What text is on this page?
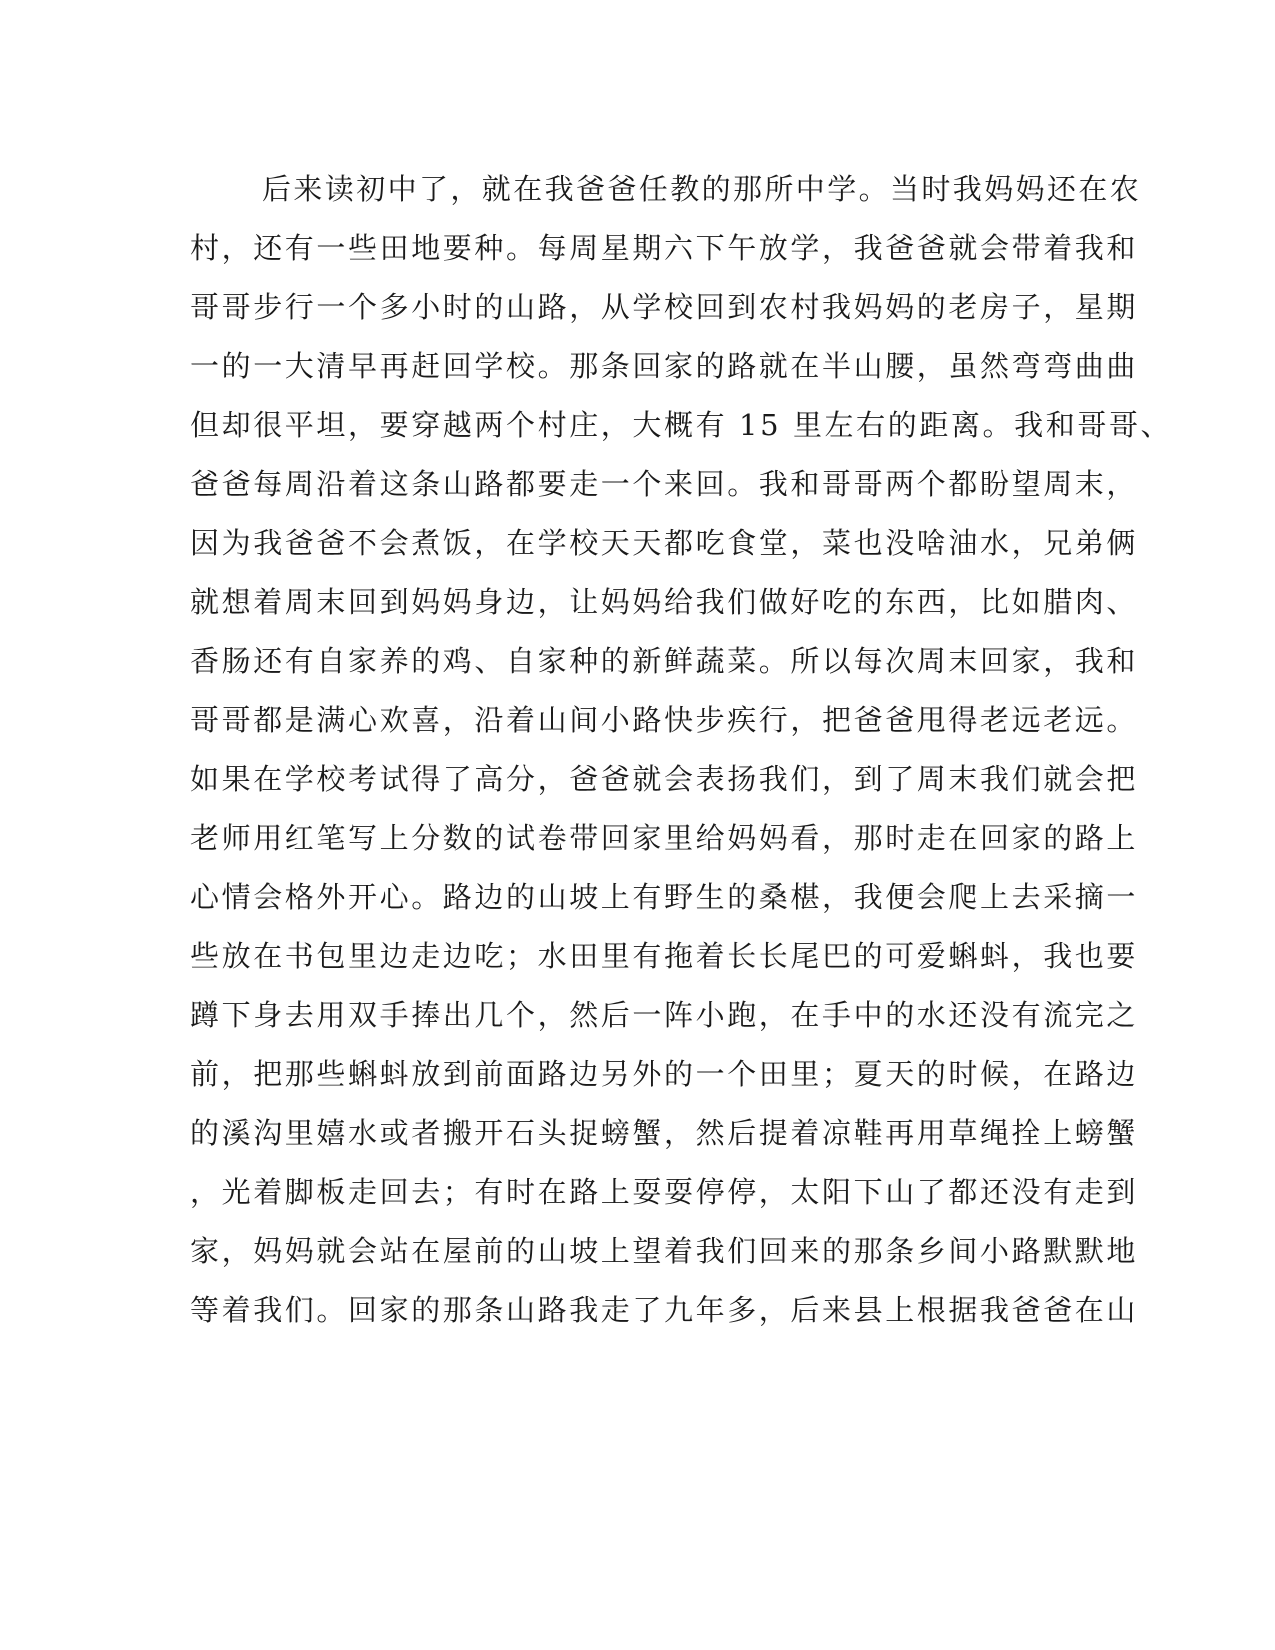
后来读初中了，就在我爸爸任教的那所中学。当时我妈妈还在农
村，还有一些田地要种。每周星期六下午放学，我爸爸就会带着我和
哥哥步行一个多小时的山路，从学校回到农村我妈妈的老房子，星期
一的一大清早再赶回学校。那条回家的路就在半山腰，虽然弯弯曲曲
但却很平坦，要穿越两个村庄，大概有 15 里左右的距离。我和哥哥、
爸爸每周沿着这条山路都要走一个来回。我和哥哥两个都盼望周末，
因为我爸爸不会煮饭，在学校天天都吃食堂，菜也没啥油水，兄弟俩
就想着周末回到妈妈身边，让妈妈给我们做好吃的东西，比如腊肉、
香肠还有自家养的鸡、自家种的新鲜蔬菜。所以每次周末回家，我和
哥哥都是满心欢喜，沿着山间小路快步疾行，把爸爸甩得老远老远。
如果在学校考试得了高分，爸爸就会表扬我们，到了周末我们就会把
老师用红笔写上分数的试卷带回家里给妈妈看，那时走在回家的路上
心情会格外开心。路边的山坡上有野生的桑椹，我便会爬上去采摘一
些放在书包里边走边吃；水田里有拖着长长尾巴的可爱蝌蚪，我也要
蹲下身去用双手捧出几个，然后一阵小跑，在手中的水还没有流完之
前，把那些蝌蚪放到前面路边另外的一个田里；夏天的时候，在路边
的溪沟里嬉水或者搬开石头捉螃蟹，然后提着凉鞋再用草绳拴上螃蟹
，光着脚板走回去；有时在路上耍耍停停，太阳下山了都还没有走到
家，妈妈就会站在屋前的山坡上望着我们回来的那条乡间小路默默地
等着我们。回家的那条山路我走了九年多，后来县上根据我爸爸在山
